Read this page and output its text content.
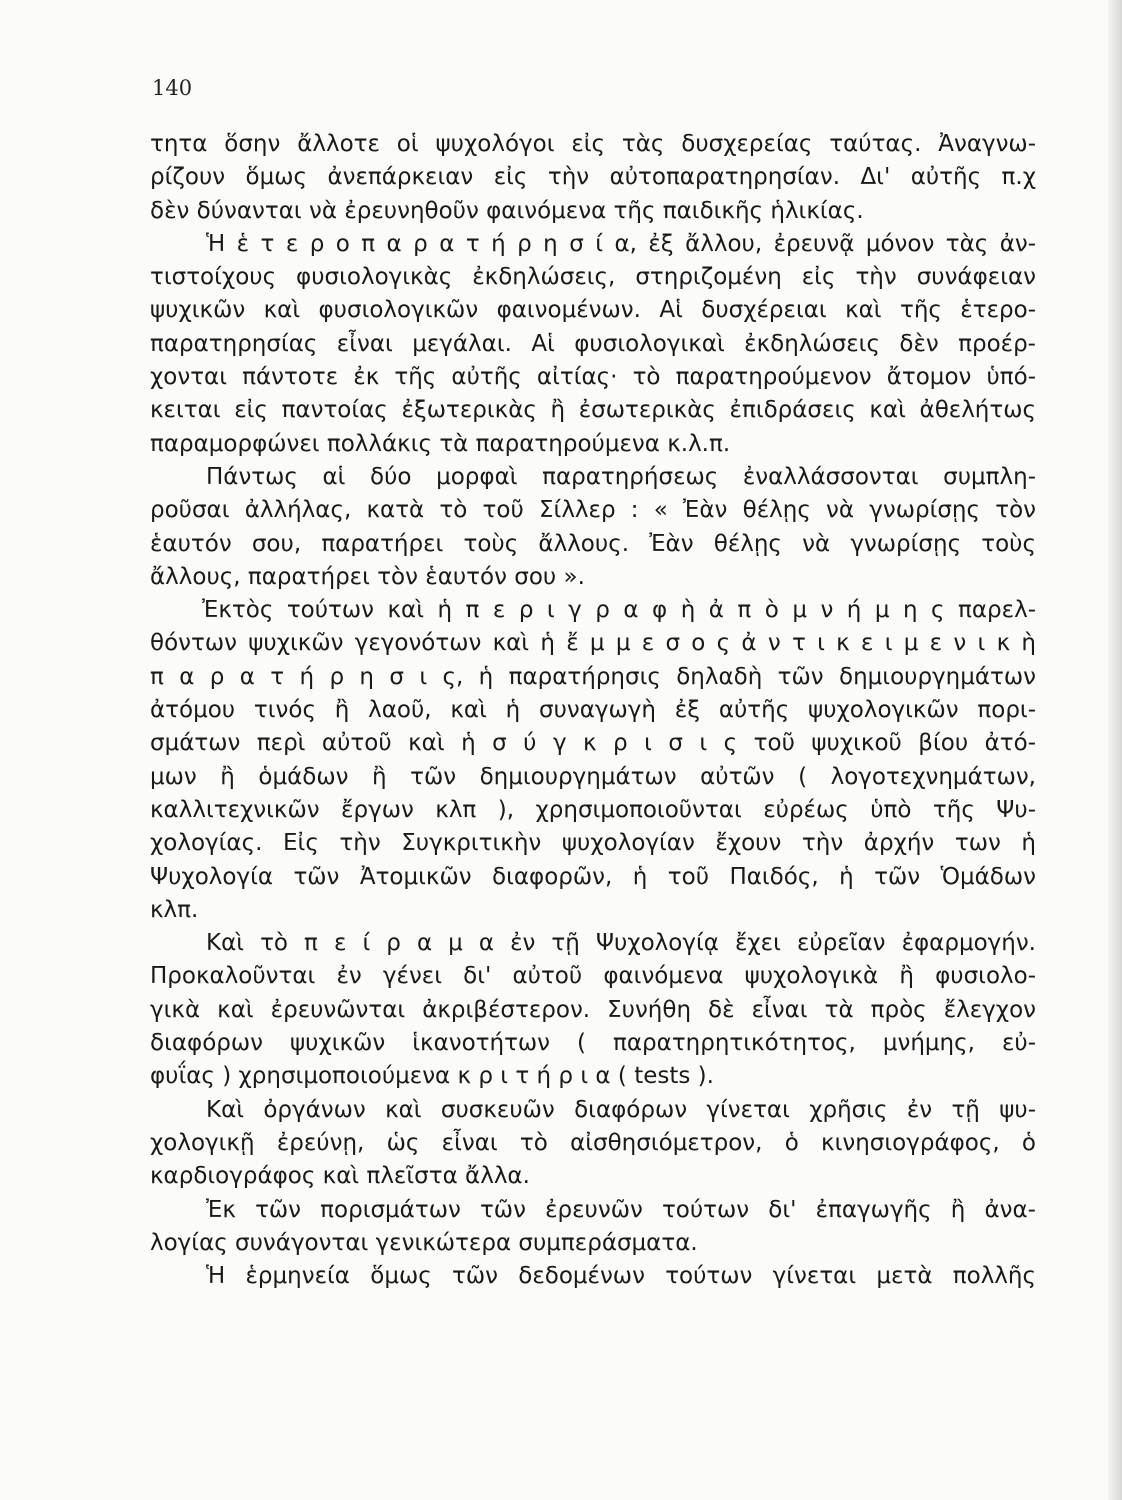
140
τητα ὅσην ἄλλοτε οἱ ψυχολόγοι εἰς τὰς δυσχερείας ταύτας. Ἀναγνω-
ρίζουν ὅμως ἀνεπάρκειαν εἰς τὴν αὐτοπαρατηρησίαν. Δι' αὐτῆς π.χ
δὲν δύνανται νὰ ἐρευνηθοῦν φαινόμενα τῆς παιδικῆς ἡλικίας.
Ἡ ἑ τ ε ρ ο π α ρ α τ ή ρ η σ ί α, ἐξ ἄλλου, ἐρευνᾷ μόνον τὰς ἀν-
τιστοίχους φυσιολογικὰς ἐκδηλώσεις, στηριζομένη εἰς τὴν συνάφειαν
ψυχικῶν καὶ φυσιολογικῶν φαινομένων. Αἱ δυσχέρειαι καὶ τῆς ἑτερο-
παρατηρησίας εἶναι μεγάλαι. Αἱ φυσιολογικαὶ ἐκδηλώσεις δὲν προέρ-
χονται πάντοτε ἐκ τῆς αὐτῆς αἰτίας· τὸ παρατηρούμενον ἄτομον ὑπό-
κειται εἰς παντοίας ἐξωτερικὰς ἢ ἐσωτερικὰς ἐπιδράσεις καὶ ἀθελήτως
παραμορφώνει πολλάκις τὰ παρατηρούμενα κ.λ.π.
Πάντως αἱ δύο μορφαὶ παρατηρήσεως ἐναλλάσσονται συμπλη-
ροῦσαι ἀλλήλας, κατὰ τὸ τοῦ Σίλλερ : « Ἐὰν θέλῃς νὰ γνωρίσῃς τὸν
ἑαυτόν σου, παρατήρει τοὺς ἄλλους. Ἐὰν θέλῃς νὰ γνωρίσῃς τοὺς
ἄλλους, παρατήρει τὸν ἑαυτόν σου ».
Ἐκτὸς τούτων καὶ ἡ π ε ρ ι γ ρ α φ ὴ ἀ π ὸ μ ν ή μ η ς παρελ-
θόντων ψυχικῶν γεγονότων καὶ ἡ ἔ μ μ ε σ ο ς ἀ ν τ ι κ ε ι μ ε ν ι κ ὴ
π α ρ α τ ή ρ η σ ι ς, ἡ παρατήρησις δηλαδὴ τῶν δημιουργημάτων
ἀτόμου τινός ἢ λαοῦ, καὶ ἡ συναγωγὴ ἐξ αὐτῆς ψυχολογικῶν πορι-
σμάτων περὶ αὐτοῦ καὶ ἡ σ ύ γ κ ρ ι σ ι ς τοῦ ψυχικοῦ βίου ἀτό-
μων ἢ ὁμάδων ἢ τῶν δημιουργημάτων αὐτῶν ( λογοτεχνημάτων,
καλλιτεχνικῶν ἔργων κλπ ), χρησιμοποιοῦνται εὐρέως ὑπὸ τῆς Ψυ-
χολογίας. Εἰς τὴν Συγκριτικὴν ψυχολογίαν ἔχουν τὴν ἀρχήν των ἡ
Ψυχολογία τῶν Ἀτομικῶν διαφορῶν, ἡ τοῦ Παιδός, ἡ τῶν Ὁμάδων
κλπ.
Καὶ τὸ π ε ί ρ α μ α ἐν τῇ Ψυχολογίᾳ ἔχει εὐρεῖαν ἐφαρμογήν.
Προκαλοῦνται ἐν γένει δι' αὐτοῦ φαινόμενα ψυχολογικὰ ἢ φυσιολο-
γικὰ καὶ ἐρευνῶνται ἀκριβέστερον. Συνήθη δὲ εἶναι τὰ πρὸς ἔλεγχον
διαφόρων ψυχικῶν ἱκανοτήτων ( παρατηρητικότητος, μνήμης, εὐ-
φυΐας ) χρησιμοποιούμενα κ ρ ι τ ή ρ ι α ( tests ).
Καὶ ὀργάνων καὶ συσκευῶν διαφόρων γίνεται χρῆσις ἐν τῇ ψυ-
χολογικῇ ἐρεύνῃ, ὡς εἶναι τὸ αἰσθησιόμετρον, ὁ κινησιογράφος, ὁ
καρδιογράφος καὶ πλεῖστα ἄλλα.
Ἐκ τῶν πορισμάτων τῶν ἐρευνῶν τούτων δι' ἐπαγωγῆς ἢ ἀνα-
λογίας συνάγονται γενικώτερα συμπεράσματα.
Ἡ ἑρμηνεία ὅμως τῶν δεδομένων τούτων γίνεται μετὰ πολλῆς
